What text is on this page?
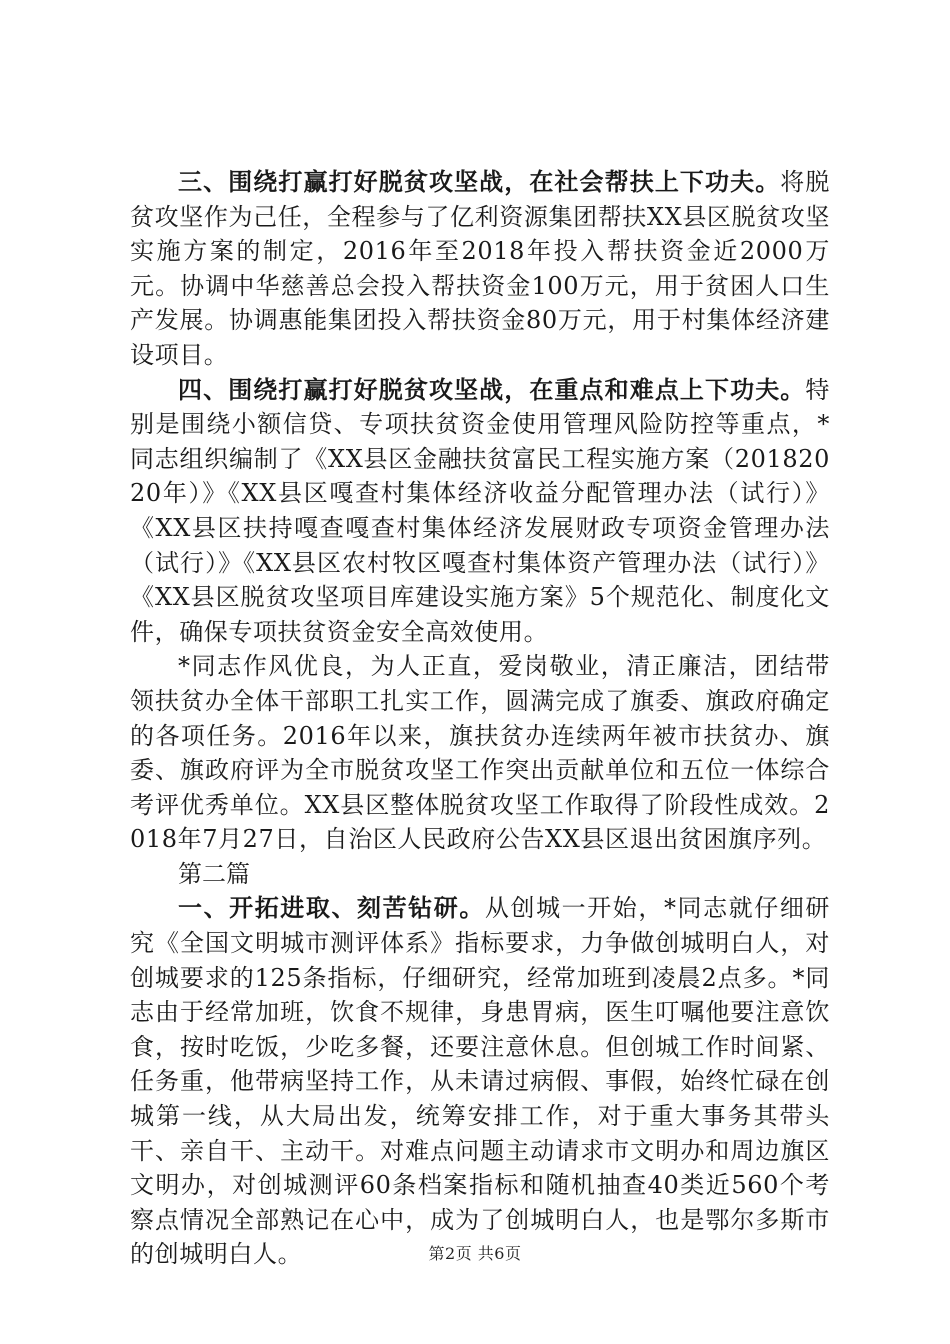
三、围绕打赢打好脱贫攻坚战，在社会帮扶上下功夫。将脱贫攻坚作为己任，全程参与了亿利资源集团帮扶XX县区脱贫攻坚实施方案的制定，2016年至2018年投入帮扶资金近2000万元。协调中华慈善总会投入帮扶资金100万元，用于贫困人口生产发展。协调惠能集团投入帮扶资金80万元，用于村集体经济建设项目。

四、围绕打赢打好脱贫攻坚战，在重点和难点上下功夫。特别是围绕小额信贷、专项扶贫资金使用管理风险防控等重点，*同志组织编制了《XX县区金融扶贫富民工程实施方案（20182020年）》《XX县区嘎查村集体经济收益分配管理办法（试行）》《XX县区扶持嘎查嘎查村集体经济发展财政专项资金管理办法（试行）》《XX县区农村牧区嘎查村集体资产管理办法（试行）》《XX县区脱贫攻坚项目库建设实施方案》5个规范化、制度化文件，确保专项扶贫资金安全高效使用。

*同志作风优良，为人正直，爱岗敬业，清正廉洁，团结带领扶贫办全体干部职工扎实工作，圆满完成了旗委、旗政府确定的各项任务。2016年以来，旗扶贫办连续两年被市扶贫办、旗委、旗政府评为全市脱贫攻坚工作突出贡献单位和五位一体综合考评优秀单位。XX县区整体脱贫攻坚工作取得了阶段性成效。2018年7月27日，自治区人民政府公告XX县区退出贫困旗序列。

第二篇

一、开拓进取、刻苦钻研。从创城一开始，*同志就仔细研究《全国文明城市测评体系》指标要求，力争做创城明白人，对创城要求的125条指标，仔细研究，经常加班到凌晨2点多。*同志由于经常加班，饮食不规律，身患胃病，医生叮嘱他要注意饮食，按时吃饭，少吃多餐，还要注意休息。但创城工作时间紧、任务重，他带病坚持工作，从未请过病假、事假，始终忙碌在创城第一线，从大局出发，统筹安排工作，对于重大事务其带头干、亲自干、主动干。对难点问题主动请求市文明办和周边旗区文明办，对创城测评60条档案指标和随机抽查40类近560个考察点情况全部熟记在心中，成为了创城明白人，也是鄂尔多斯市的创城明白人。	第2页 共6页
